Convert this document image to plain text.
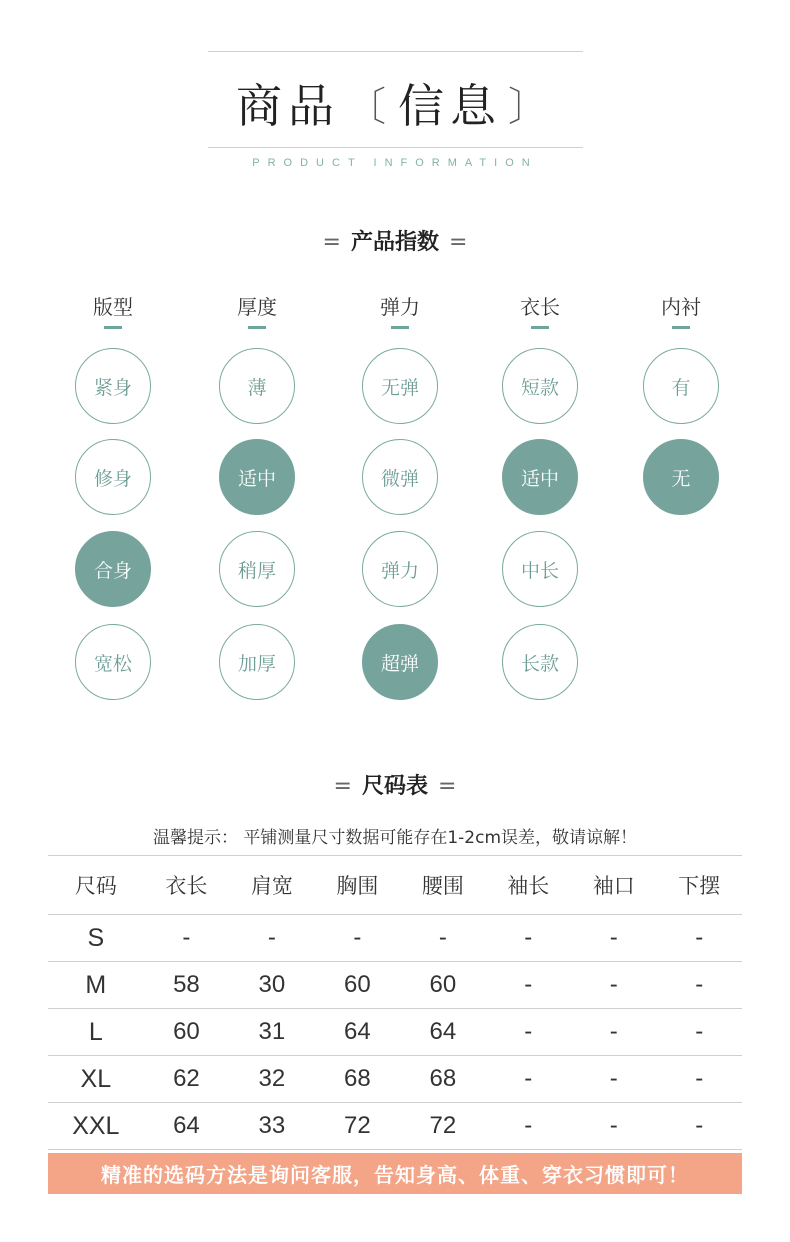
商品 〔 信息 〕
PRODUCT INFORMATION
= 产品指数 =
版型
紧身
修身
合身
宽松
厚度
薄
适中
稍厚
加厚
弹力
无弹
微弹
弹力
超弹
衣长
短款
适中
中长
长款
内衬
有
无
= 尺码表 =
温馨提示： 平铺测量尺寸数据可能存在1-2cm误差，敬请谅解！
尺码	衣长	肩宽	胸围	腰围	袖长	袖口	下摆
S	-	-	-	-	-	-	-
M	58	30	60	60	-	-	-
L	60	31	64	64	-	-	-
XL	62	32	68	68	-	-	-
XXL	64	33	72	72	-	-	-
精准的选码方法是询问客服，告知身高、体重、穿衣习惯即可！
